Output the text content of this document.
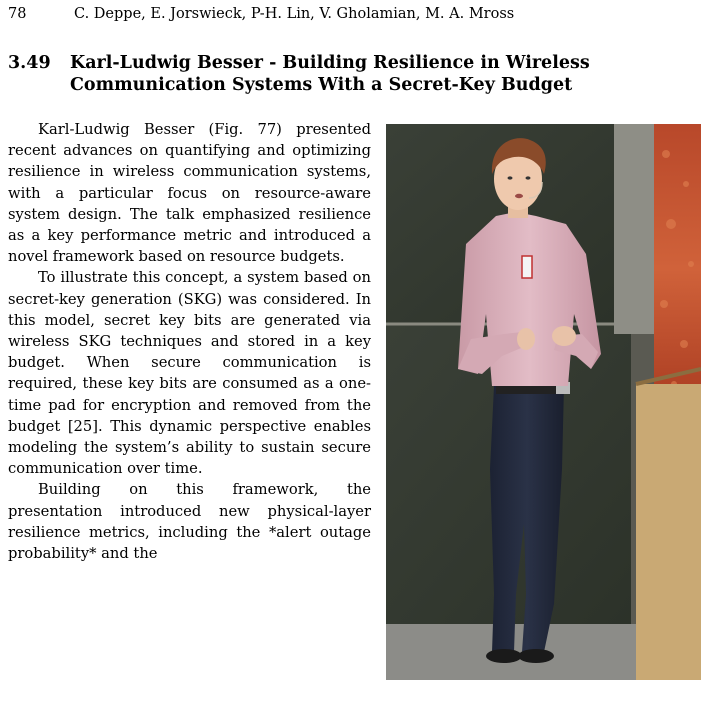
78	C. Deppe, E. Jorswieck, P-H. Lin, V. Gholamian, M. A. Mross
3.49 Karl-Ludwig Besser - Building Resilience in Wireless Communication Systems With a Secret-Key Budget

Karl-Ludwig Besser (Fig. 77) presented recent advances on quantifying and optimizing resilience in wireless communication systems, with a particular focus on resource-aware system design. The talk emphasized resilience as a key performance metric and introduced a novel framework based on resource budgets.

To illustrate this concept, a system based on secret-key generation (SKG) was considered. In this model, secret key bits are generated via wireless SKG techniques and stored in a key budget. When secure communication is required, these key bits are consumed as a one-time pad for encryption and removed from the budget [25]. This dynamic perspective enables modeling the system’s ability to sustain secure communication over time.

Building on this framework, the presentation introduced new physical-layer resilience metrics, including the *alert outage probability* and the
